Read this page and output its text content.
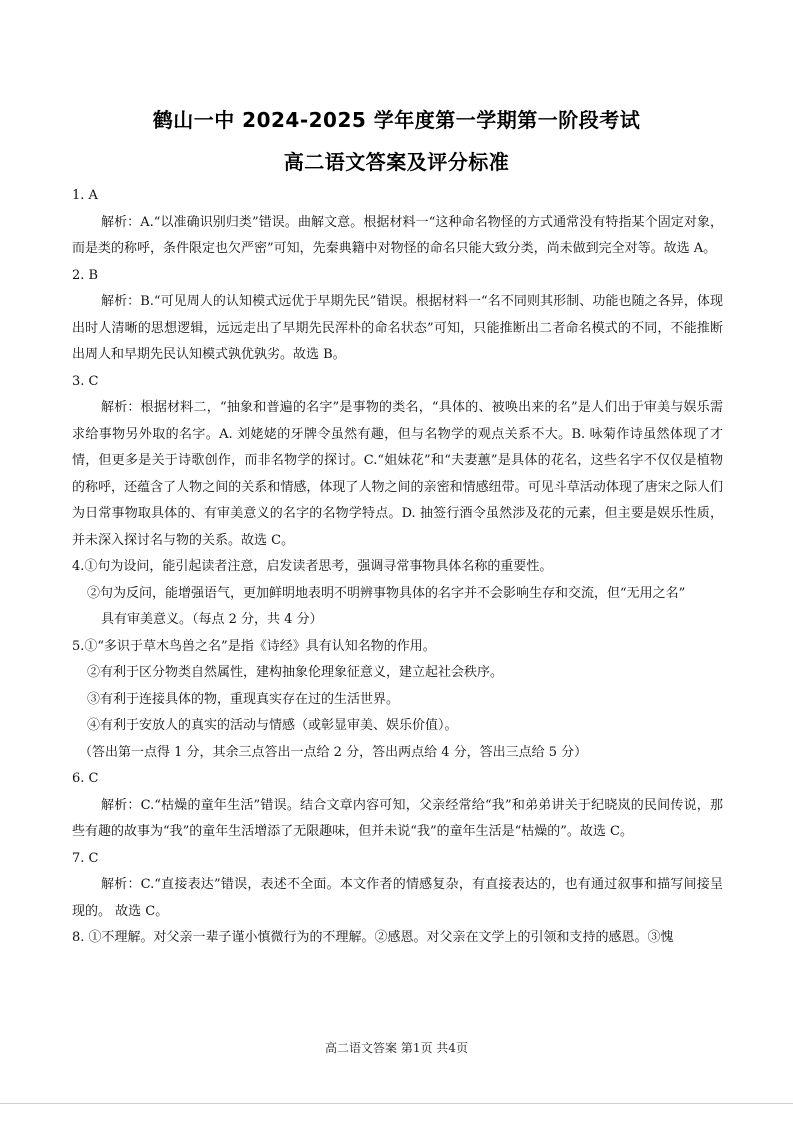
鹤山一中 2024-2025 学年度第一学期第一阶段考试
高二语文答案及评分标准

1. A

解析：A.“以准确识别归类”错误。曲解文意。根据材料一“这种命名物怪的方式通常没有特指某个固定对象，而是类的称呼，条件限定也欠严密”可知，先秦典籍中对物怪的命名只能大致分类，尚未做到完全对等。故选 A。

2. B

解析：B.“可见周人的认知模式远优于早期先民”错误。根据材料一“名不同则其形制、功能也随之各异，体现出时人清晰的思想逻辑，远远走出了早期先民浑朴的命名状态”可知，只能推断出二者命名模式的不同，不能推断出周人和早期先民认知模式孰优孰劣。故选 B。

3. C

解析：根据材料二，“抽象和普遍的名字”是事物的类名，“具体的、被唤出来的名”是人们出于审美与娱乐需求给事物另外取的名字。A. 刘姥姥的牙牌令虽然有趣，但与名物学的观点关系不大。B. 咏菊作诗虽然体现了才情，但更多是关于诗歌创作，而非名物学的探讨。C.“姐妹花”和“夫妻蕙”是具体的花名，这些名字不仅仅是植物的称呼，还蕴含了人物之间的关系和情感，体现了人物之间的亲密和情感纽带。可见斗草活动体现了唐宋之际人们为日常事物取具体的、有审美意义的名字的名物学特点。D. 抽签行酒令虽然涉及花的元素，但主要是娱乐性质，并未深入探讨名与物的关系。故选 C。

4.①句为设问，能引起读者注意，启发读者思考，强调寻常事物具体名称的重要性。

②句为反问，能增强语气，更加鲜明地表明不明辨事物具体的名字并不会影响生存和交流，但“无用之名”

具有审美意义。（每点 2 分，共 4 分）

5.①“多识于草木鸟兽之名”是指《诗经》具有认知名物的作用。

②有利于区分物类自然属性，建构抽象伦理象征意义，建立起社会秩序。

③有利于连接具体的物，重现真实存在过的生活世界。

④有利于安放人的真实的活动与情感（或彰显审美、娱乐价值）。

（答出第一点得 1 分，其余三点答出一点给 2 分，答出两点给 4 分，答出三点给 5 分）

6. C

解析：C.“枯燥的童年生活”错误。结合文章内容可知，父亲经常给“我”和弟弟讲关于纪晓岚的民间传说，那些有趣的故事为“我”的童年生活增添了无限趣味，但并未说“我”的童年生活是“枯燥的”。故选 C。

7. C

解析：C.“直接表达”错误，表述不全面。本文作者的情感复杂，有直接表达的，也有通过叙事和描写间接呈现的。 故选 C。

8. ①不理解。对父亲一辈子谨小慎微行为的不理解。②感恩。对父亲在文学上的引领和支持的感恩。③愧

高二语文答案 第1页 共4页
